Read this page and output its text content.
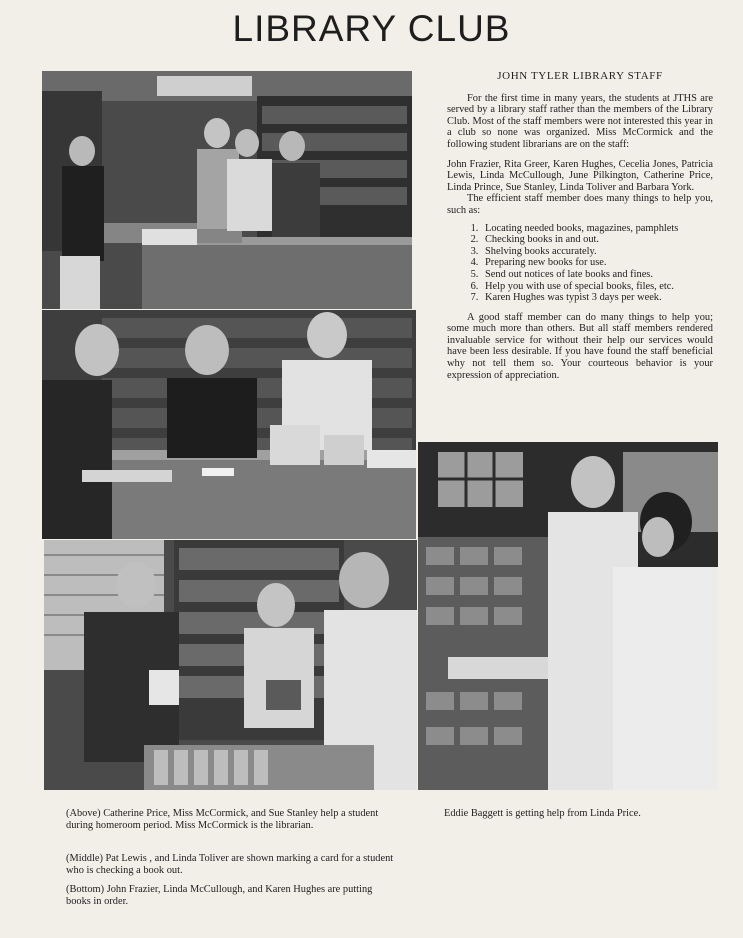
LIBRARY CLUB
JOHN TYLER LIBRARY STAFF

For the first time in many years, the students at JTHS are served by a library staff rather than the members of the Library Club. Most of the staff members were not interested this year in a club so none was organized. Miss McCormick and the following student librarians are on the staff:

John Frazier, Rita Greer, Karen Hughes, Cecelia Jones, Patricia Lewis, Linda McCullough, June Pilkington, Catherine Price, Linda Prince, Sue Stanley, Linda Toliver and Barbara York.

The efficient staff member does many things to help you, such as:

1. Locating needed books, magazines, pamphlets
2. Checking books in and out.
3. Shelving books accurately.
4. Preparing new books for use.
5. Send out notices of late books and fines.
6. Help you with use of special books, files, etc.
7. Karen Hughes was typist 3 days per week.

A good staff member can do many things to help you; some much more than others. But all staff members rendered invaluable service for without their help our services would have been less desirable. If you have found the staff beneficial why not tell them so. Your courteous behavior is your expression of appreciation.

(Above) Catherine Price, Miss McCormick, and Sue Stanley help a student during homeroom period. Miss McCormick is the librarian.
(Middle) Pat Lewis , and Linda Toliver are shown marking a card for a student who is checking a book out.
(Bottom) John Frazier, Linda McCullough, and Karen Hughes are putting books in order.
Eddie Baggett is getting help from Linda Price.
